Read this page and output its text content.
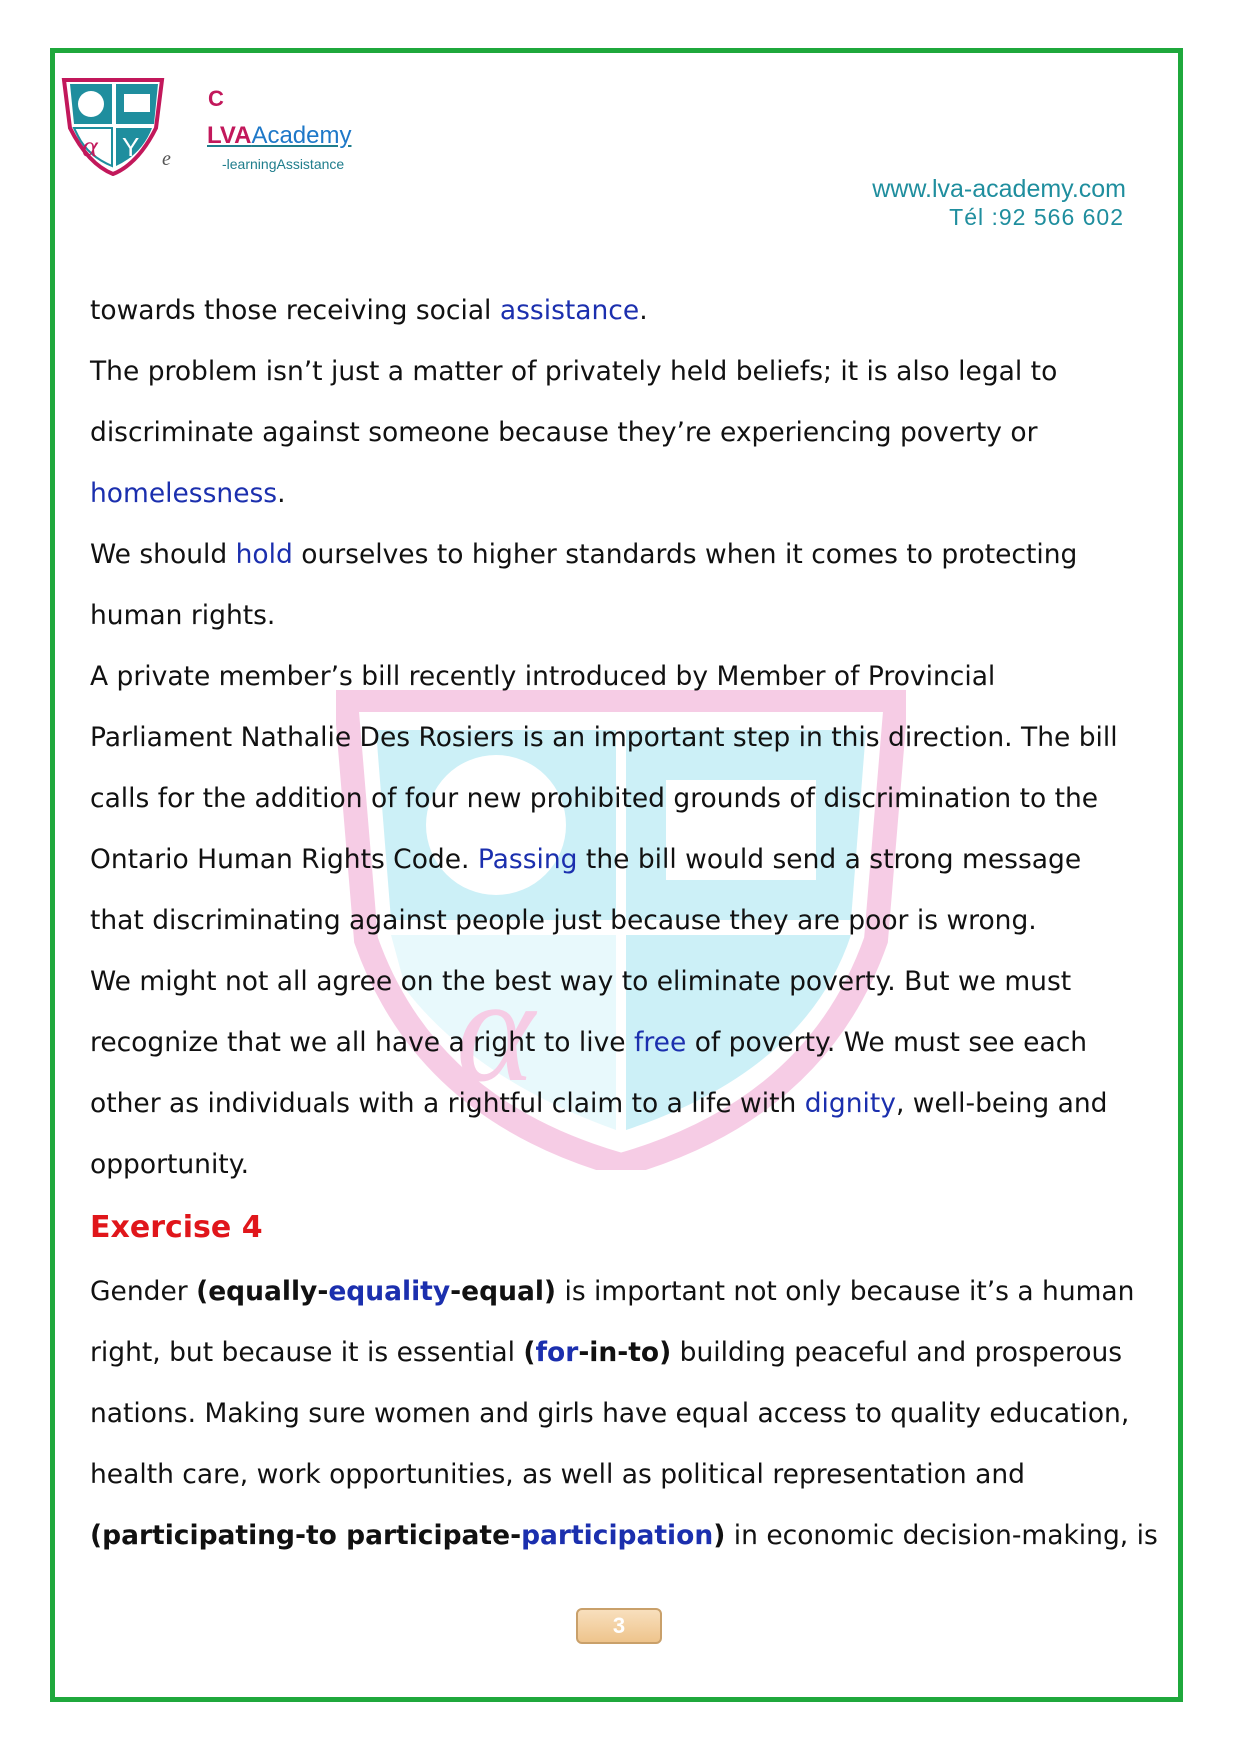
α Y e
C
LVAAcademy
-learningAssistance
www.lva-academy.com
Tél :92 566 602
α
towards those receiving social assistance.
The problem isn’t just a matter of privately held beliefs; it is also legal to
discriminate against someone because they’re experiencing poverty or
homelessness.
We should hold ourselves to higher standards when it comes to protecting
human rights.
A private member’s bill recently introduced by Member of Provincial
Parliament Nathalie Des Rosiers is an important step in this direction. The bill
calls for the addition of four new prohibited grounds of discrimination to the
Ontario Human Rights Code. Passing the bill would send a strong message
that discriminating against people just because they are poor is wrong.
We might not all agree on the best way to eliminate poverty. But we must
recognize that we all have a right to live free of poverty. We must see each
other as individuals with a rightful claim to a life with dignity, well-being and
opportunity.
Exercise 4
Gender (equally-equality-equal) is important not only because it’s a human
right, but because it is essential (for-in-to) building peaceful and prosperous
nations. Making sure women and girls have equal access to quality education,
health care, work opportunities, as well as political representation and
(participating-to participate-participation) in economic decision-making, is
3
